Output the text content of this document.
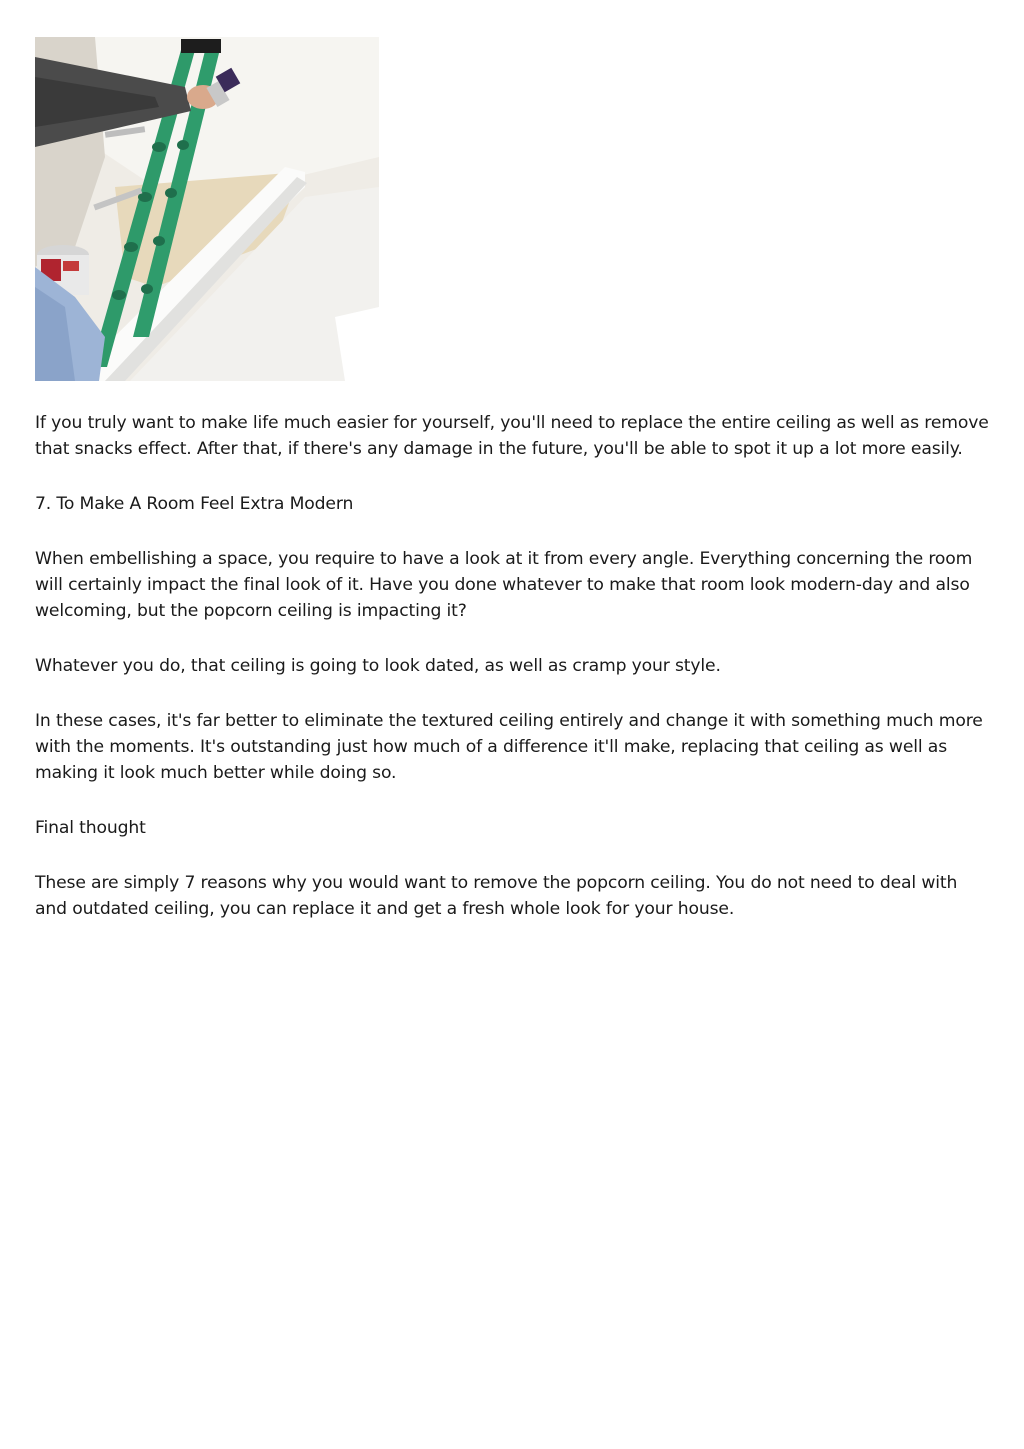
If you truly want to make life much easier for yourself, you'll need to replace the entire ceiling as well as remove that snacks effect. After that, if there's any damage in the future, you'll be able to spot it up a lot more easily.

7. To Make A Room Feel Extra Modern

When embellishing a space, you require to have a look at it from every angle. Everything concerning the room will certainly impact the final look of it. Have you done whatever to make that room look modern-day and also welcoming, but the popcorn ceiling is impacting it?

Whatever you do, that ceiling is going to look dated, as well as cramp your style.

In these cases, it's far better to eliminate the textured ceiling entirely and change it with something much more with the moments. It's outstanding just how much of a difference it'll make, replacing that ceiling as well as making it look much better while doing so.

Final thought

These are simply 7 reasons why you would want to remove the popcorn ceiling. You do not need to deal with and outdated ceiling, you can replace it and get a fresh whole look for your house.
